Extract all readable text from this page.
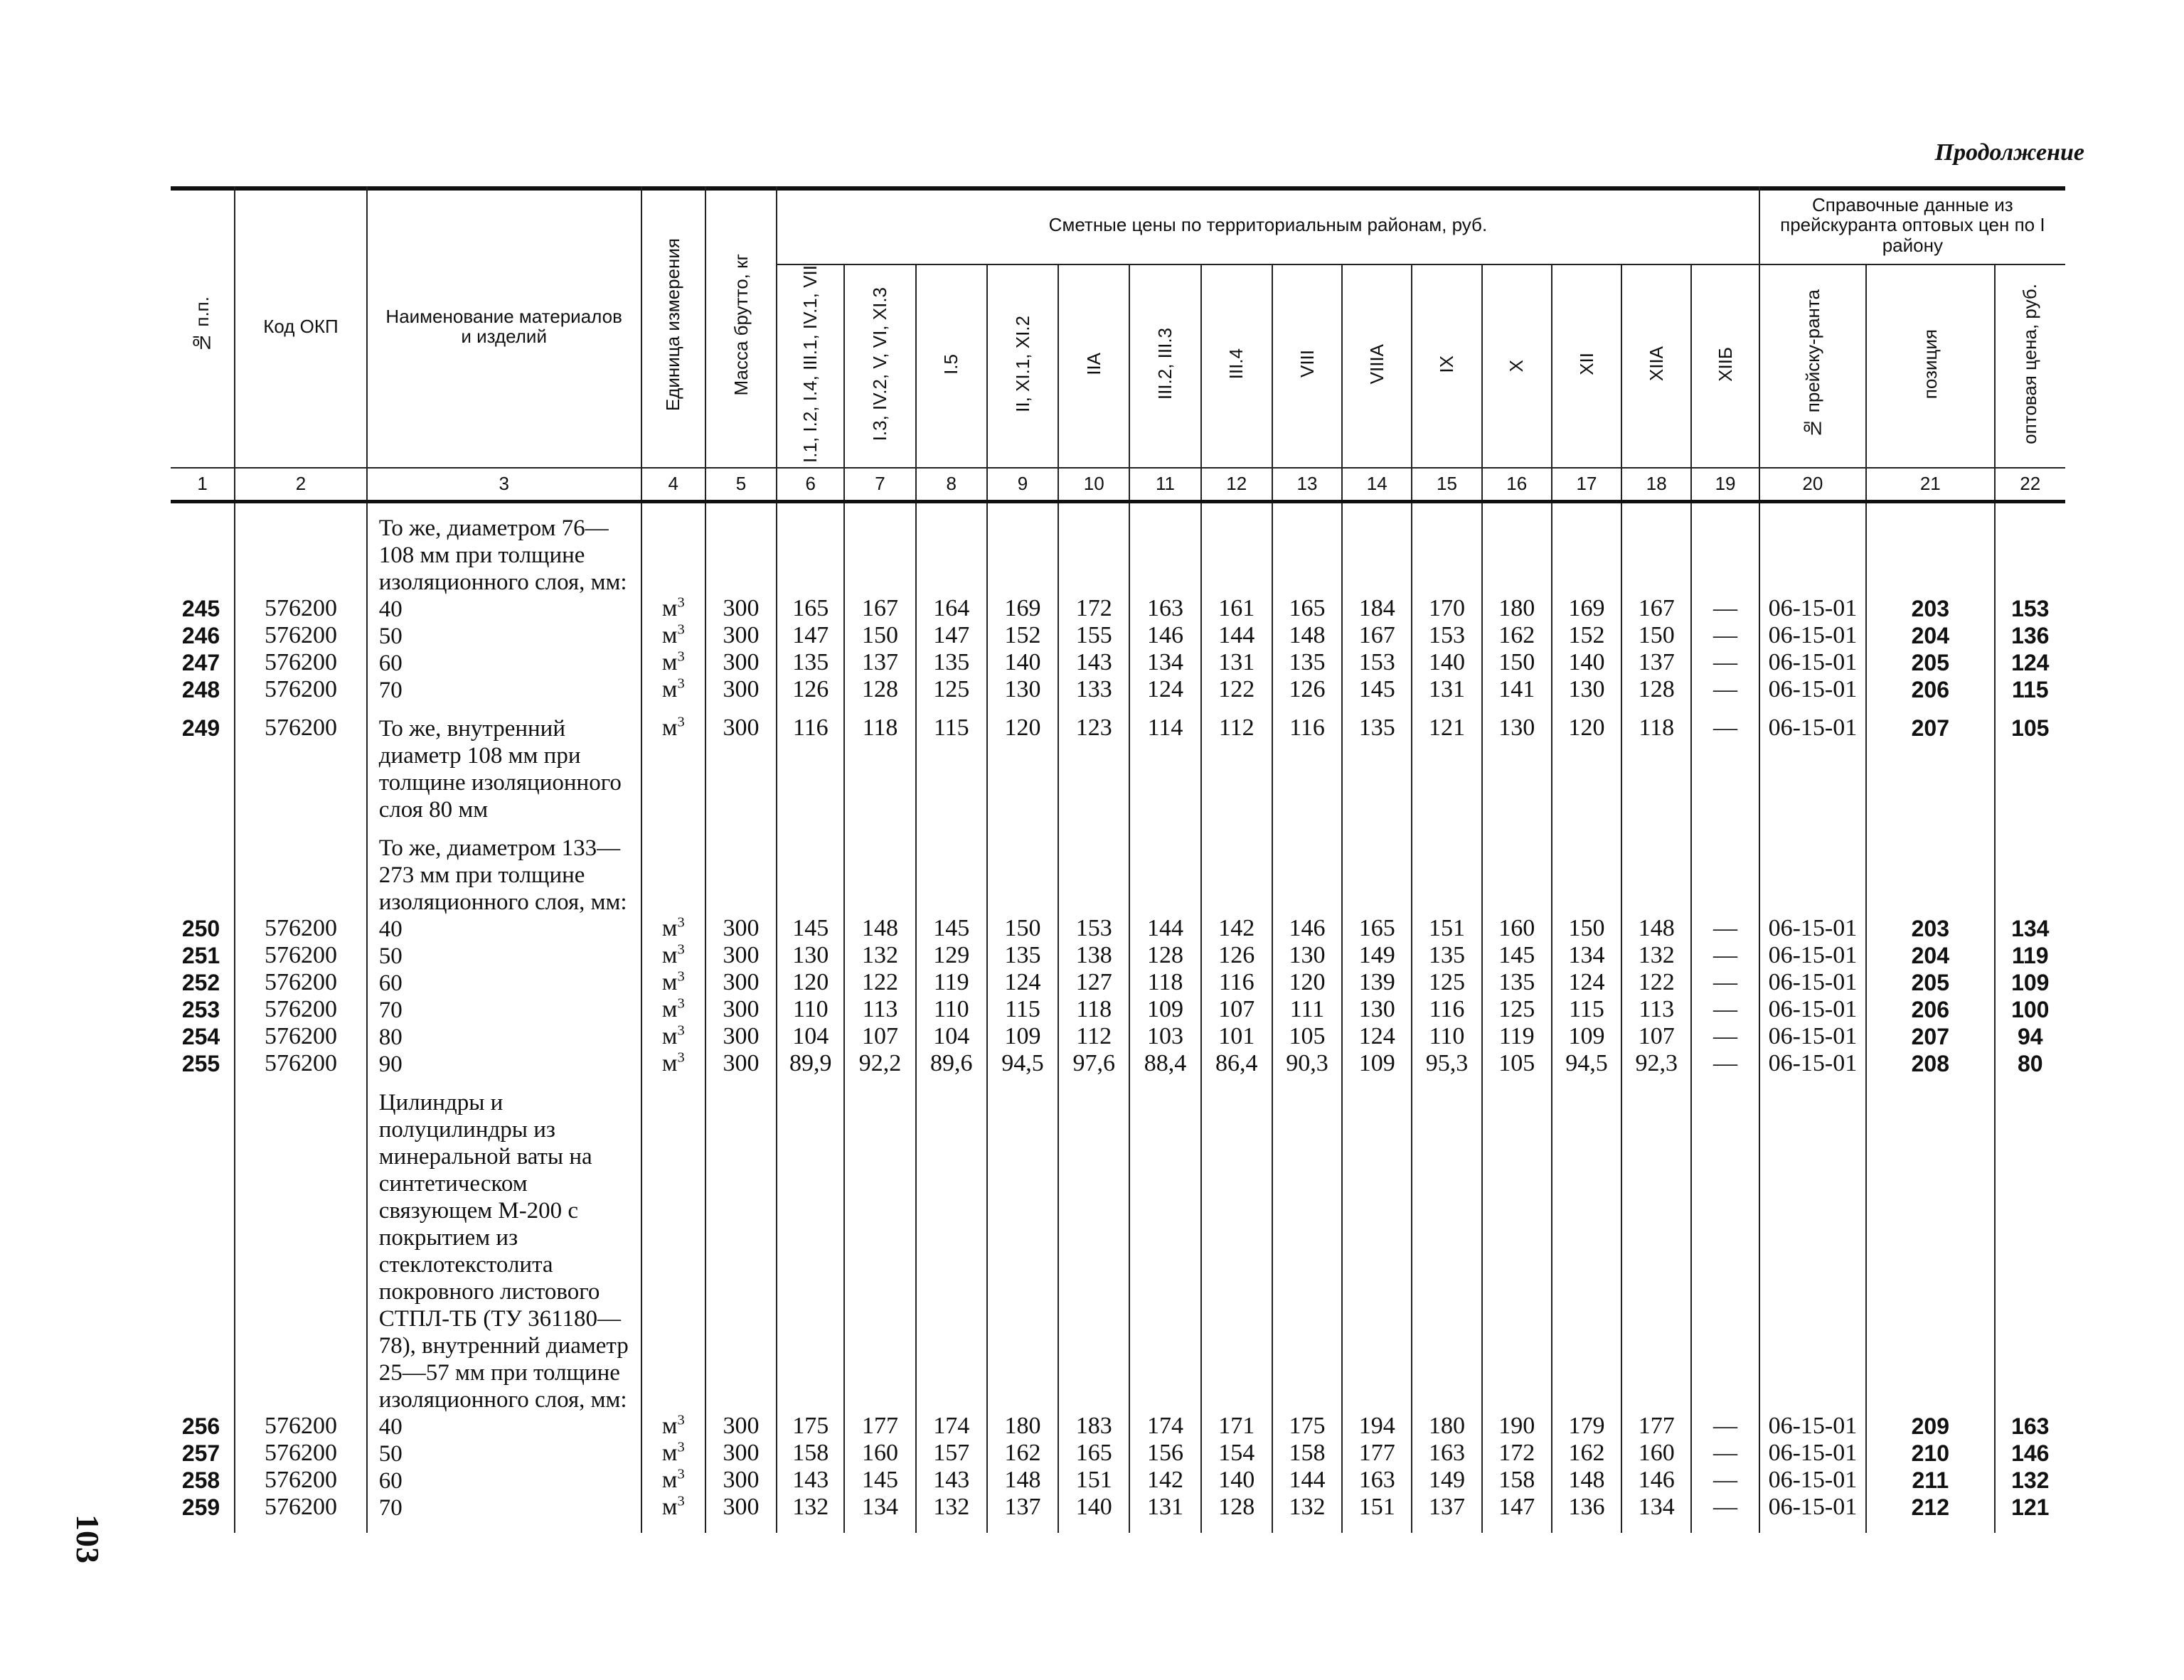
Продолжение
103
№ п.п.	Код ОКП	Наименование материалов и изделий	Единица измерения	Масса брутто, кг	Сметные цены по территориальным районам, руб.														Справочные данные из прейскуранта оптовых цен по I району		
					I.1, I.2, I.4, III.1, IV.1, VII	I.3, IV.2, V, VI, XI.3	I.5	II, XI.1, XI.2	IIА	III.2, III.3	III.4	VIII	VIIIА	IX	X	XII	XIIА	XIIБ	№ прейску-ранта	позиция	оптовая цена, руб.
1	2	3	4	5	6	7	8	9	10	11	12	13	14	15	16	17	18	19	20	21	22

		То же, диаметром 76—108 мм при толщине изоляционного слоя, мм:																			
245	576200	40	$м^3$	300	165	167	164	169	172	163	161	165	184	170	180	169	167	—	06-15-01	203	153
246	576200	50	$м^3$	300	147	150	147	152	155	146	144	148	167	153	162	152	150	—	06-15-01	204	136
247	576200	60	$м^3$	300	135	137	135	140	143	134	131	135	153	140	150	140	137	—	06-15-01	205	124
248	576200	70	$м^3$	300	126	128	125	130	133	124	122	126	145	131	141	130	128	—	06-15-01	206	115

249	576200	То же, внутренний диаметр 108 мм при толщине изоляционного слоя 80 мм	$м^3$	300	116	118	115	120	123	114	112	116	135	121	130	120	118	—	06-15-01	207	105

		То же, диаметром 133—273 мм при толщине изоляционного слоя, мм:																			
250	576200	40	$м^3$	300	145	148	145	150	153	144	142	146	165	151	160	150	148	—	06-15-01	203	134
251	576200	50	$м^3$	300	130	132	129	135	138	128	126	130	149	135	145	134	132	—	06-15-01	204	119
252	576200	60	$м^3$	300	120	122	119	124	127	118	116	120	139	125	135	124	122	—	06-15-01	205	109
253	576200	70	$м^3$	300	110	113	110	115	118	109	107	111	130	116	125	115	113	—	06-15-01	206	100
254	576200	80	$м^3$	300	104	107	104	109	112	103	101	105	124	110	119	109	107	—	06-15-01	207	94
255	576200	90	$м^3$	300	89,9	92,2	89,6	94,5	97,6	88,4	86,4	90,3	109	95,3	105	94,5	92,3	—	06-15-01	208	80

		Цилиндры и полуцилиндры из минеральной ваты на синтетическом связующем М-200 с покрытием из стеклотекстолита покровного листового СТПЛ-ТБ (ТУ 361180—78), внутренний диаметр 25—57 мм при толщине изоляционного слоя, мм:																			
256	576200	40	$м^3$	300	175	177	174	180	183	174	171	175	194	180	190	179	177	—	06-15-01	209	163
257	576200	50	$м^3$	300	158	160	157	162	165	156	154	158	177	163	172	162	160	—	06-15-01	210	146
258	576200	60	$м^3$	300	143	145	143	148	151	142	140	144	163	149	158	148	146	—	06-15-01	211	132
259	576200	70	$м^3$	300	132	134	132	137	140	131	128	132	151	137	147	136	134	—	06-15-01	212	121
